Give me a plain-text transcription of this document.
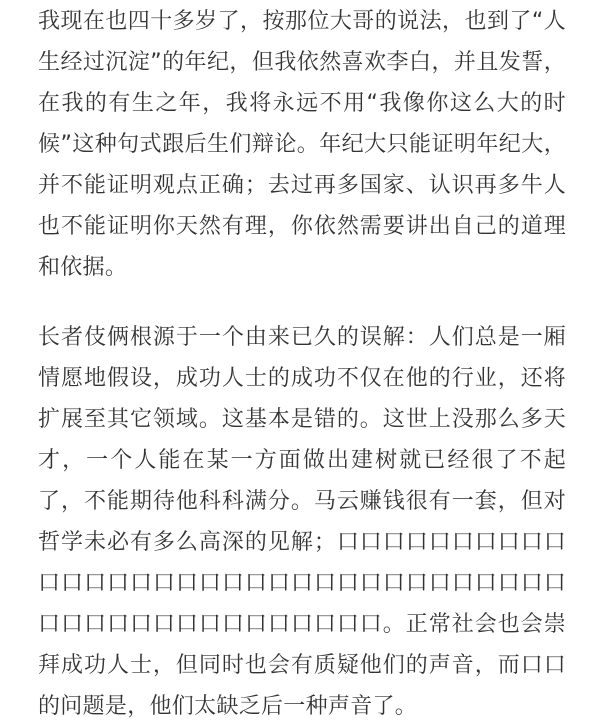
我现在也四十多岁了，按那位大哥的说法，也到了“人生经过沉淀”的年纪，但我依然喜欢李白，并且发誓，在我的有生之年，我将永远不用“我像你这么大的时候”这种句式跟后生们辩论。年纪大只能证明年纪大，并不能证明观点正确；去过再多国家、认识再多牛人也不能证明你天然有理，你依然需要讲出自己的道理和依据。

长者伎俩根源于一个由来已久的误解：人们总是一厢情愿地假设，成功人士的成功不仅在他的行业，还将扩展至其它领域。这基本是错的。这世上没那么多天才，一个人能在某一方面做出建树就已经很了不起了，不能期待他科科满分。马云赚钱很有一套，但对哲学未必有多么高深的见解；口口口口口口口口口口口口口口口口口口口口口口口口口口口口口口口口口口口口口口口口口口口口口口口口。正常社会也会崇拜成功人士，但同时也会有质疑他们的声音，而口口的问题是，他们太缺乏后一种声音了。
